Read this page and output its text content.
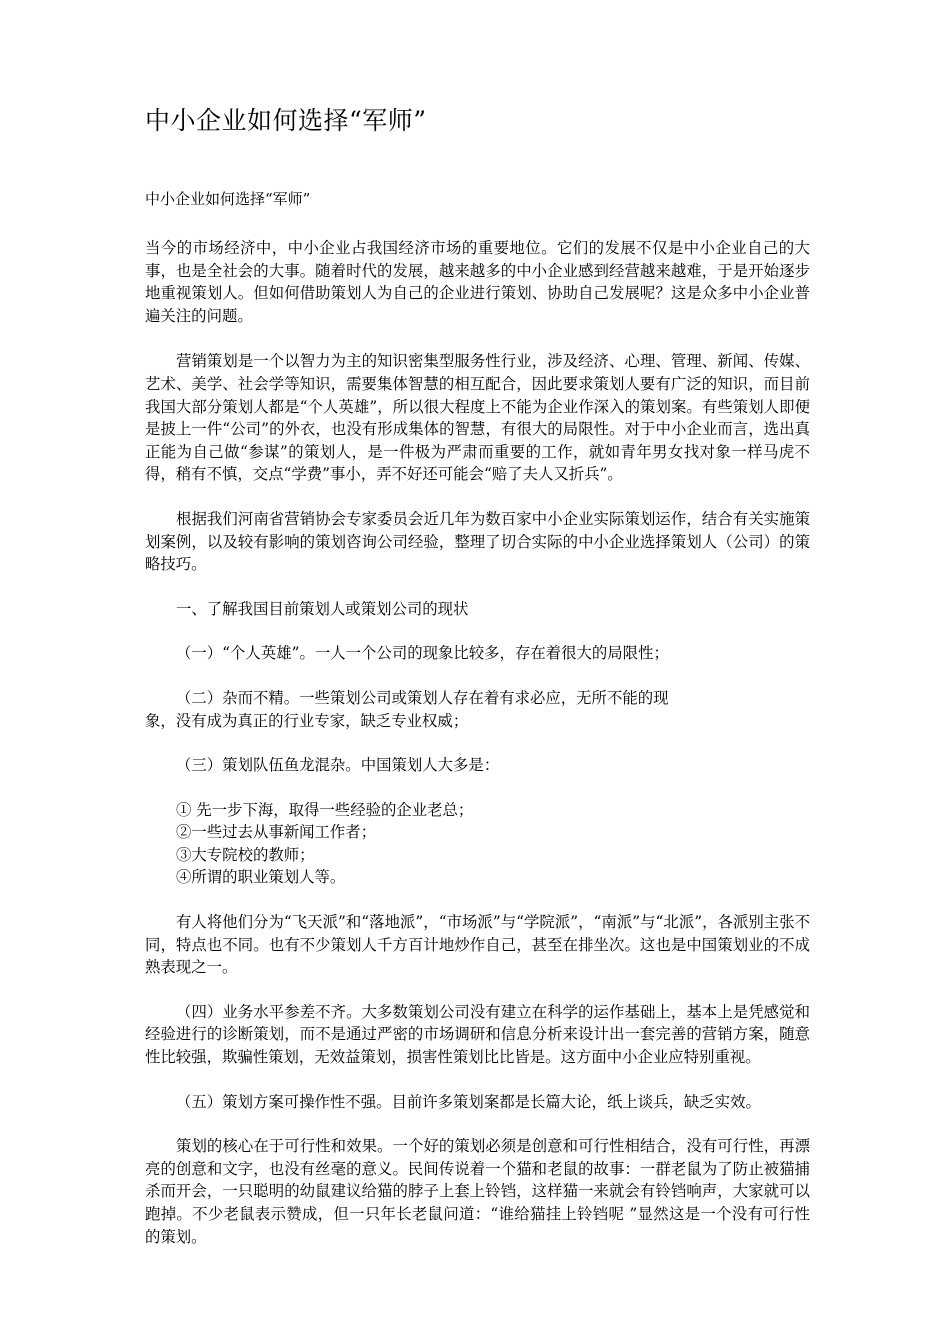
中小企业如何选择“军师”
中小企业如何选择“军师”

当今的市场经济中，中小企业占我国经济市场的重要地位。它们的发展不仅是中小企业自己的大事，也是全社会的大事。随着时代的发展，越来越多的中小企业感到经营越来越难，于是开始逐步地重视策划人。但如何借助策划人为自己的企业进行策划、协助自己发展呢？这是众多中小企业普遍关注的问题。

营销策划是一个以智力为主的知识密集型服务性行业，涉及经济、心理、管理、新闻、传媒、艺术、美学、社会学等知识，需要集体智慧的相互配合，因此要求策划人要有广泛的知识，而目前我国大部分策划人都是“个人英雄”，所以很大程度上不能为企业作深入的策划案。有些策划人即便是披上一件“公司”的外衣，也没有形成集体的智慧，有很大的局限性。对于中小企业而言，选出真正能为自己做“参谋”的策划人，是一件极为严肃而重要的工作，就如青年男女找对象一样马虎不得，稍有不慎，交点“学费”事小，弄不好还可能会“赔了夫人又折兵”。

根据我们河南省营销协会专家委员会近几年为数百家中小企业实际策划运作，结合有关实施策划案例，以及较有影响的策划咨询公司经验，整理了切合实际的中小企业选择策划人（公司）的策略技巧。

一、了解我国目前策划人或策划公司的现状

（一）“个人英雄”。一人一个公司的现象比较多，存在着很大的局限性；

（二）杂而不精。一些策划公司或策划人存在着有求必应，无所不能的现

象，没有成为真正的行业专家，缺乏专业权威；

（三）策划队伍鱼龙混杂。中国策划人大多是：

① 先一步下海，取得一些经验的企业老总；

②一些过去从事新闻工作者；

③大专院校的教师；

④所谓的职业策划人等。

有人将他们分为“飞天派”和“落地派”，“市场派”与“学院派”，“南派”与“北派”，各派别主张不同，特点也不同。也有不少策划人千方百计地炒作自己，甚至在排坐次。这也是中国策划业的不成熟表现之一。

（四）业务水平参差不齐。大多数策划公司没有建立在科学的运作基础上，基本上是凭感觉和经验进行的诊断策划，而不是通过严密的市场调研和信息分析来设计出一套完善的营销方案，随意性比较强，欺骗性策划，无效益策划，损害性策划比比皆是。这方面中小企业应特别重视。

（五）策划方案可操作性不强。目前许多策划案都是长篇大论，纸上谈兵，缺乏实效。

策划的核心在于可行性和效果。一个好的策划必须是创意和可行性相结合，没有可行性，再漂亮的创意和文字，也没有丝毫的意义。民间传说着一个猫和老鼠的故事：一群老鼠为了防止被猫捕杀而开会，一只聪明的幼鼠建议给猫的脖子上套上铃铛，这样猫一来就会有铃铛响声，大家就可以跑掉。不少老鼠表示赞成，但一只年长老鼠问道：“谁给猫挂上铃铛呢 ”显然这是一个没有可行性的策划。
